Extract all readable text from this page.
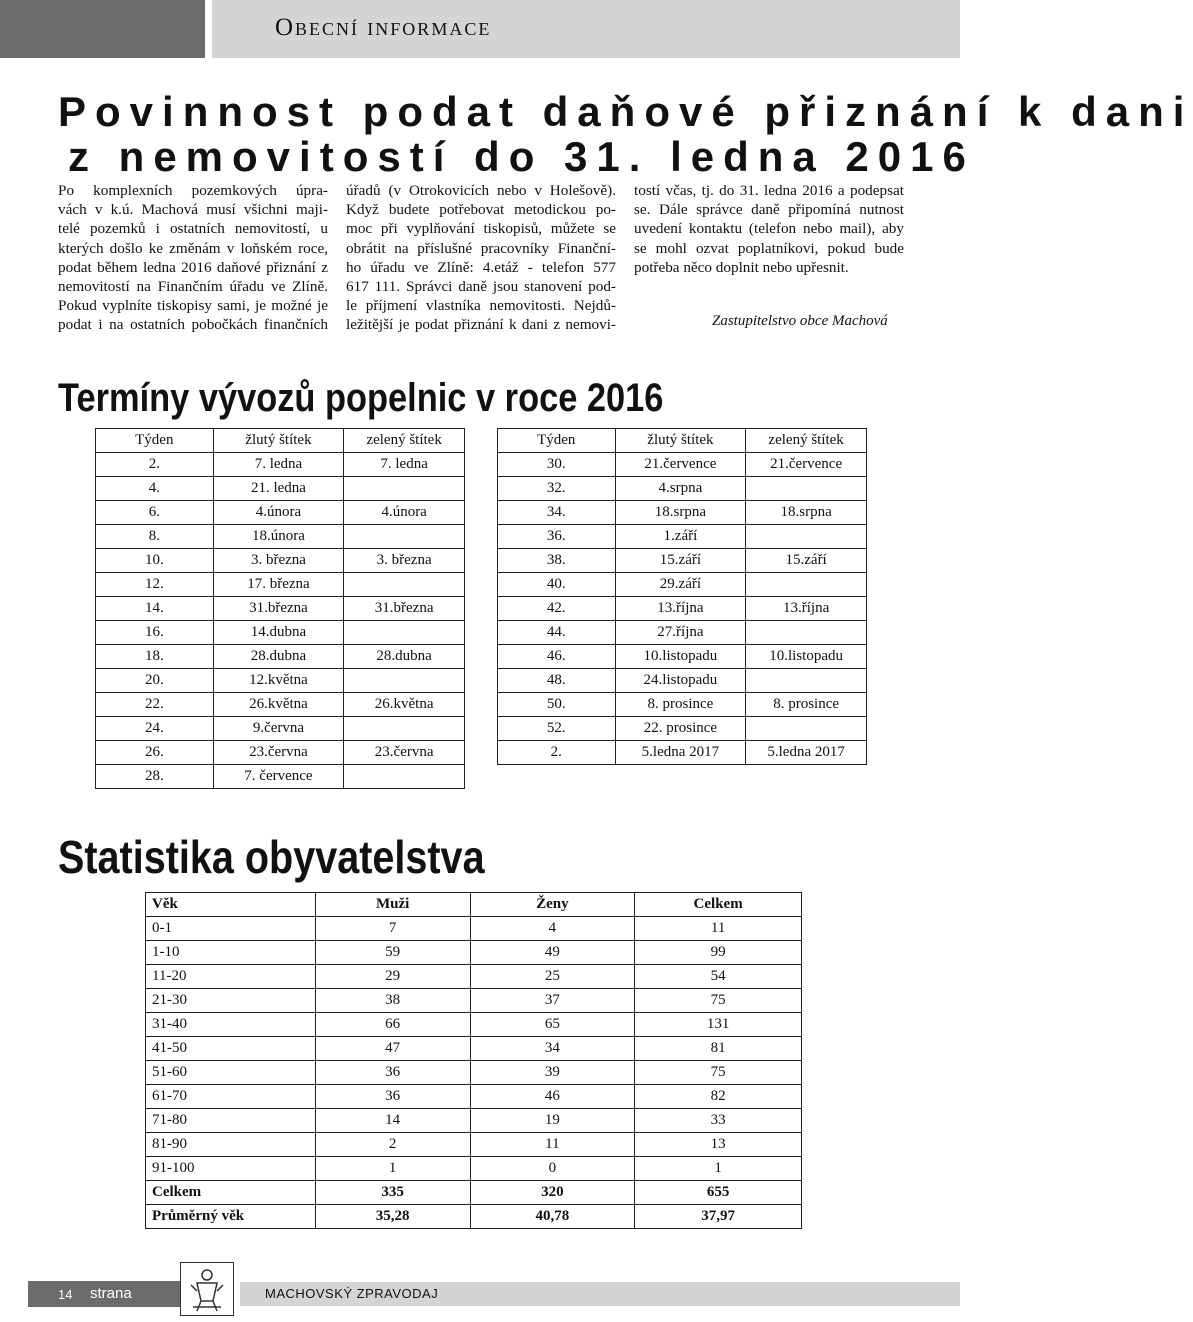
Obecní informace
Povinnost podat daňové přiznání k dani
z nemovitostí do 31. ledna 2016
Po komplexních pozemkových úpra-
vách v k.ú. Machová musí všichni maji-
telé pozemků i ostatních nemovitostí, u
kterých došlo ke změnám v loňském roce,
podat během ledna 2016 daňové přiznání z
nemovitostí na Finančním úřadu ve Zlíně.
Pokud vyplníte tiskopisy sami, je možné je
podat i na ostatních pobočkách finančních
úřadů (v Otrokovicích nebo v Holešově).
Když budete potřebovat metodickou po-
moc při vyplňování tiskopisů, můžete se
obrátit na příslušné pracovníky Finanční-
ho úřadu ve Zlíně: 4.etáž - telefon 577
617 111. Správci daně jsou stanovení pod-
le příjmení vlastníka nemovitosti. Nejdů-
ležitější je podat přiznání k dani z nemovi-
tostí včas, tj. do 31. ledna 2016 a podepsat
se. Dále správce daně připomíná nutnost
uvedení kontaktu (telefon nebo mail), aby
se mohl ozvat poplatníkovi, pokud bude
potřeba něco doplnit nebo upřesnit.
Zastupitelstvo obce Machová
Termíny vývozů popelnic v roce 2016
Týden	žlutý štítek	zelený štítek
2.	7. ledna	7. ledna
4.	21. ledna	
6.	4.února	4.února
8.	18.února	
10.	3. března	3. března
12.	17. března	
14.	31.března	31.března
16.	14.dubna	
18.	28.dubna	28.dubna
20.	12.května	
22.	26.května	26.května
24.	9.června	
26.	23.června	23.června
28.	7. července	
Týden	žlutý štítek	zelený štítek
30.	21.července	21.července
32.	4.srpna	
34.	18.srpna	18.srpna
36.	1.září	
38.	15.září	15.září
40.	29.září	
42.	13.října	13.října
44.	27.října	
46.	10.listopadu	10.listopadu
48.	24.listopadu	
50.	8. prosince	8. prosince
52.	22. prosince	
2.	5.ledna 2017	5.ledna 2017
Statistika obyvatelstva
Věk	Muži	Ženy	Celkem
0-1	7	4	11
1-10	59	49	99
11-20	29	25	54
21-30	38	37	75
31-40	66	65	131
41-50	47	34	81
51-60	36	39	75
61-70	36	46	82
71-80	14	19	33
81-90	2	11	13
91-100	1	0	1
Celkem	335	320	655
Průměrný věk	35,28	40,78	37,97
14 strana	MACHOVSKÝ ZPRAVODAJ
